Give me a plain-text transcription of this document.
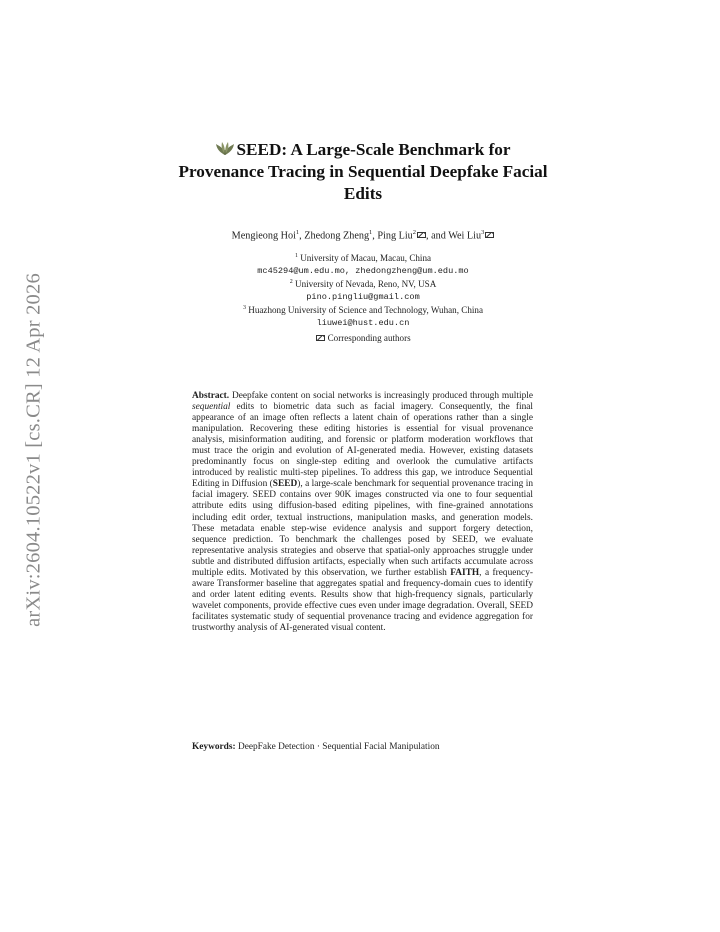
arXiv:2604.10522v1 [cs.CR] 12 Apr 2026
SEED: A Large-Scale Benchmark for
Provenance Tracing in Sequential Deepfake Facial
Edits
Mengieong Hoi$^1$, Zhedong Zheng$^1$, Ping Liu$^2$ , and Wei Liu$^3$
$^1$ University of Macau, Macau, China
mc45294@um.edu.mo, zhedongzheng@um.edu.mo
$^2$ University of Nevada, Reno, NV, USA
pino.pingliu@gmail.com
$^3$ Huazhong University of Science and Technology, Wuhan, China
liuwei@hust.edu.cn
Corresponding authors
Abstract. Deepfake content on social networks is increasingly produced through multiple sequential edits to biometric data such as facial imagery. Consequently, the final appearance of an image often reflects a latent chain of operations rather than a single manipulation. Recovering these editing histories is essential for visual provenance analysis, misinformation auditing, and forensic or platform moderation workflows that must trace the origin and evolution of AI-generated media. However, existing datasets predominantly focus on single-step editing and overlook the cumulative artifacts introduced by realistic multi-step pipelines. To address this gap, we introduce Sequential Editing in Diffusion (SEED), a large-scale benchmark for sequential provenance tracing in facial imagery. SEED contains over 90K images constructed via one to four sequential attribute edits using diffusion-based editing pipelines, with fine-grained annotations including edit order, textual instructions, manipulation masks, and generation models. These metadata enable step-wise evidence analysis and support forgery detection, sequence prediction. To benchmark the challenges posed by SEED, we evaluate representative analysis strategies and observe that spatial-only approaches struggle under subtle and distributed diffusion artifacts, especially when such artifacts accumulate across multiple edits. Motivated by this observation, we further establish FAITH, a frequency-aware Transformer baseline that aggregates spatial and frequency-domain cues to identify and order latent editing events. Results show that high-frequency signals, particularly wavelet components, provide effective cues even under image degradation. Overall, SEED facilitates systematic study of sequential provenance tracing and evidence aggregation for trustworthy analysis of AI-generated visual content.
Keywords: DeepFake Detection · Sequential Facial Manipulation
